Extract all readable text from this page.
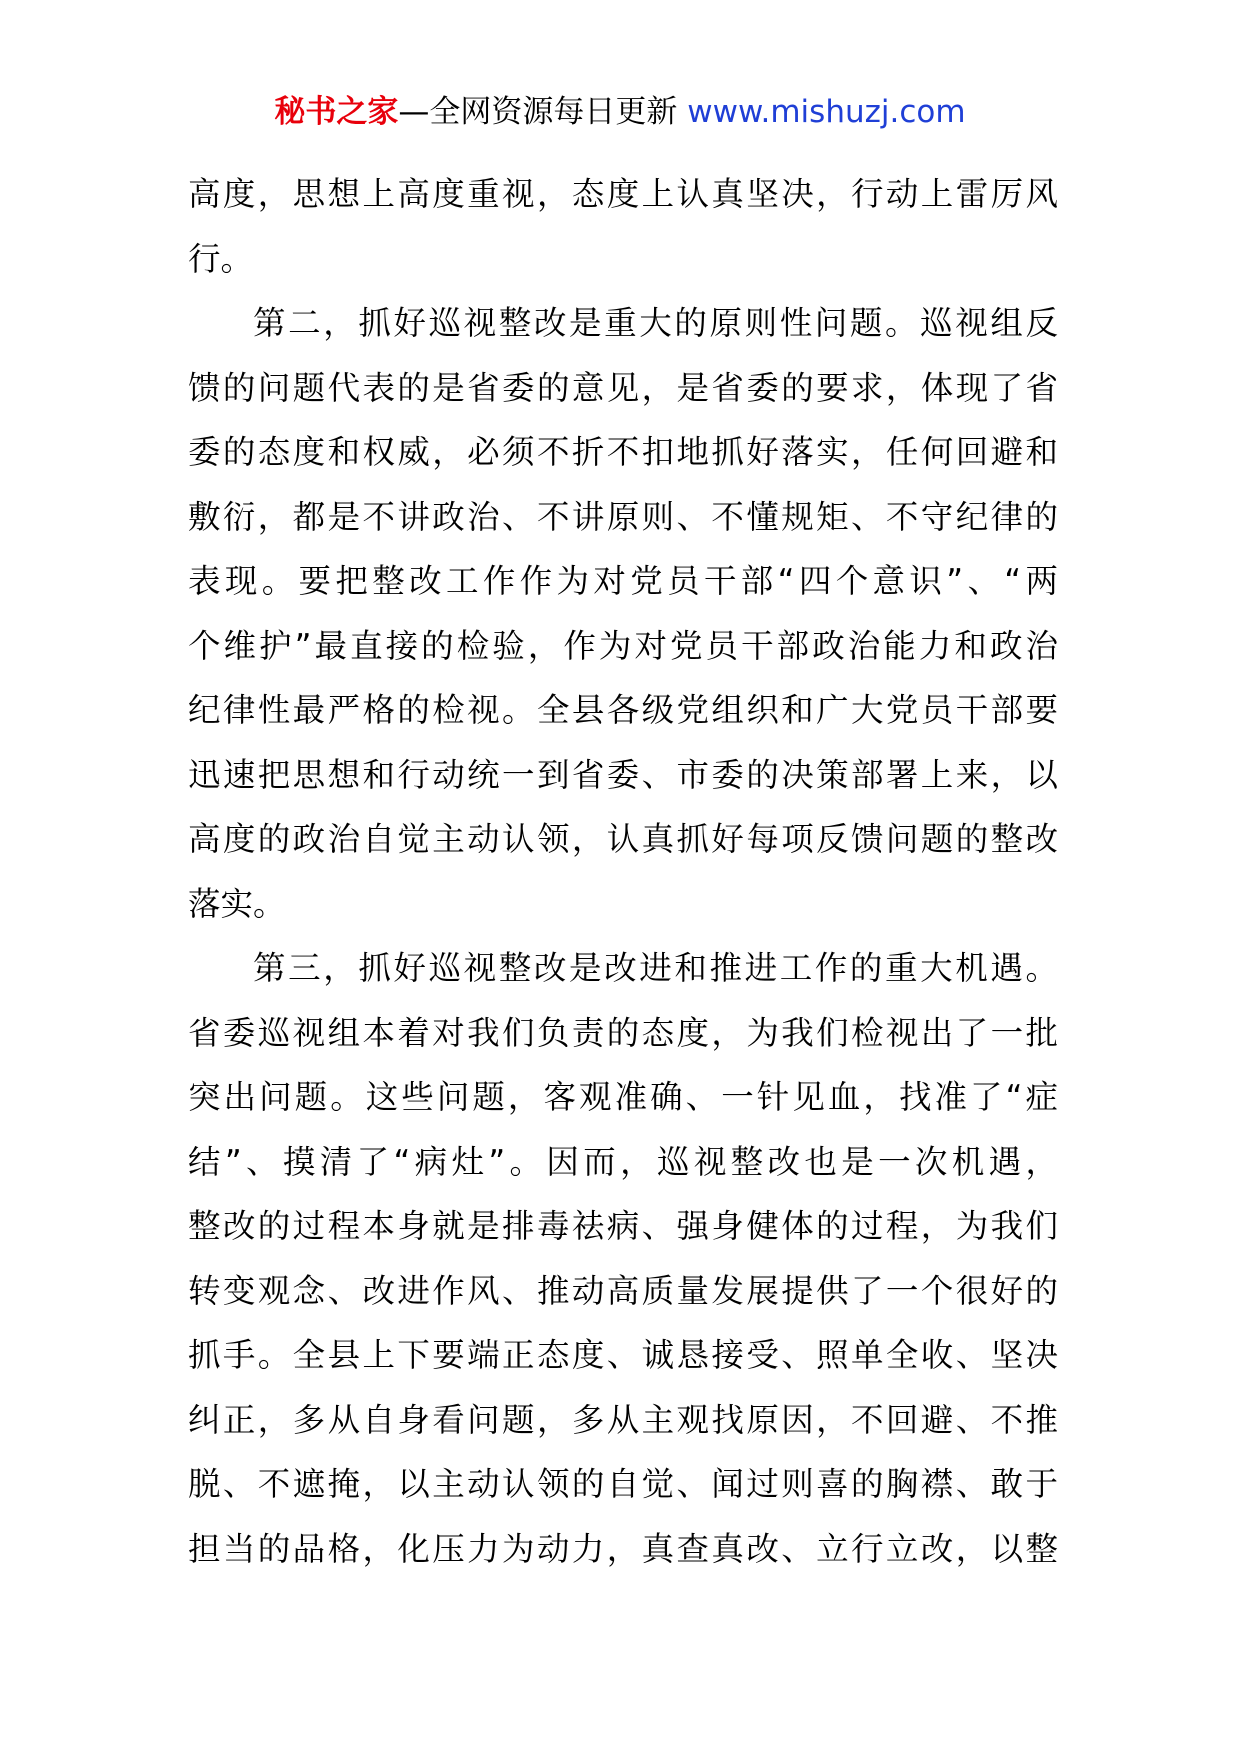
秘书之家—全网资源每日更新 www.mishuzj.com
高度，思想上高度重视，态度上认真坚决，行动上雷厉风
行。
第二，抓好巡视整改是重大的原则性问题。巡视组反
馈的问题代表的是省委的意见，是省委的要求，体现了省
委的态度和权威，必须不折不扣地抓好落实，任何回避和
敷衍，都是不讲政治、不讲原则、不懂规矩、不守纪律的
表现。要把整改工作作为对党员干部“四个意识”、“两
个维护”最直接的检验，作为对党员干部政治能力和政治
纪律性最严格的检视。全县各级党组织和广大党员干部要
迅速把思想和行动统一到省委、市委的决策部署上来，以
高度的政治自觉主动认领，认真抓好每项反馈问题的整改
落实。
第三，抓好巡视整改是改进和推进工作的重大机遇。
省委巡视组本着对我们负责的态度，为我们检视出了一批
突出问题。这些问题，客观准确、一针见血，找准了“症
结”、摸清了“病灶”。因而，巡视整改也是一次机遇，
整改的过程本身就是排毒祛病、强身健体的过程，为我们
转变观念、改进作风、推动高质量发展提供了一个很好的
抓手。全县上下要端正态度、诚恳接受、照单全收、坚决
纠正，多从自身看问题，多从主观找原因，不回避、不推
脱、不遮掩，以主动认领的自觉、闻过则喜的胸襟、敢于
担当的品格，化压力为动力，真查真改、立行立改，以整
